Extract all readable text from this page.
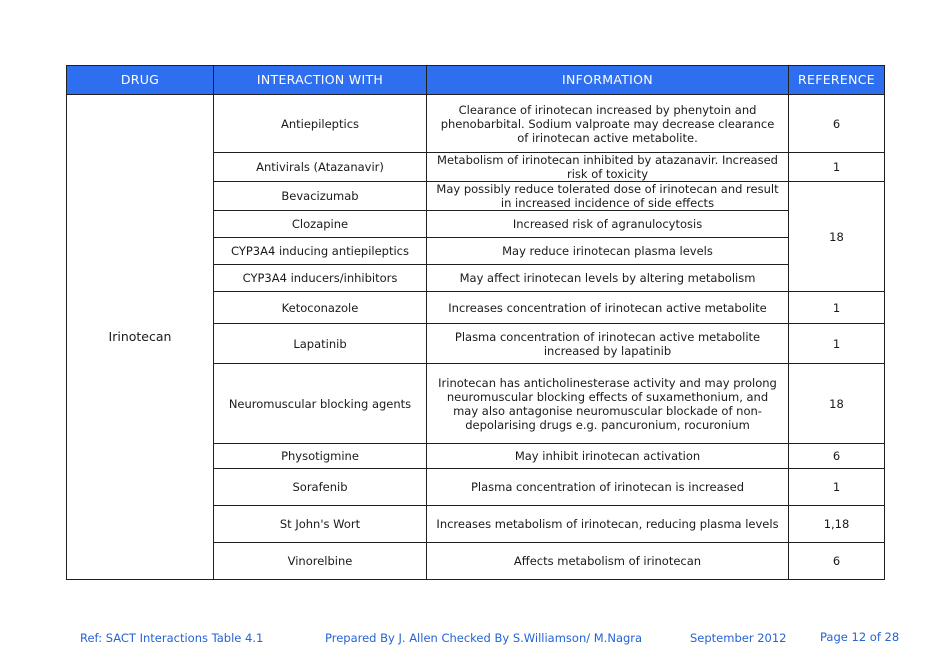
DRUG	INTERACTION WITH	INFORMATION	REFERENCE
Irinotecan	Antiepileptics	Clearance of irinotecan increased by phenytoin and phenobarbital. Sodium valproate may decrease clearance of irinotecan active metabolite.	6
	Antivirals (Atazanavir)	Metabolism of irinotecan inhibited by atazanavir. Increased risk of toxicity	1
	Bevacizumab	May possibly reduce tolerated dose of irinotecan and result in increased incidence of side effects	18
	Clozapine	Increased risk of agranulocytosis	
	CYP3A4 inducing antiepileptics	May reduce irinotecan plasma levels	
	CYP3A4 inducers/inhibitors	May affect irinotecan levels by altering metabolism	
	Ketoconazole	Increases concentration of irinotecan active metabolite	1
	Lapatinib	Plasma concentration of irinotecan active metabolite increased by lapatinib	1
	Neuromuscular blocking agents	Irinotecan has anticholinesterase activity and may prolong neuromuscular blocking effects of suxamethonium, and may also antagonise neuromuscular blockade of non-depolarising drugs e.g. pancuronium, rocuronium	18
	Physotigmine	May inhibit irinotecan activation	6
	Sorafenib	Plasma concentration of irinotecan is increased	1
	St John's Wort	Increases metabolism of irinotecan, reducing plasma levels	1,18
	Vinorelbine	Affects metabolism of irinotecan	6
Ref: SACT Interactions Table 4.1	Prepared By J. Allen Checked By S.Williamson/ M.Nagra	September 2012	Page 12 of 28
